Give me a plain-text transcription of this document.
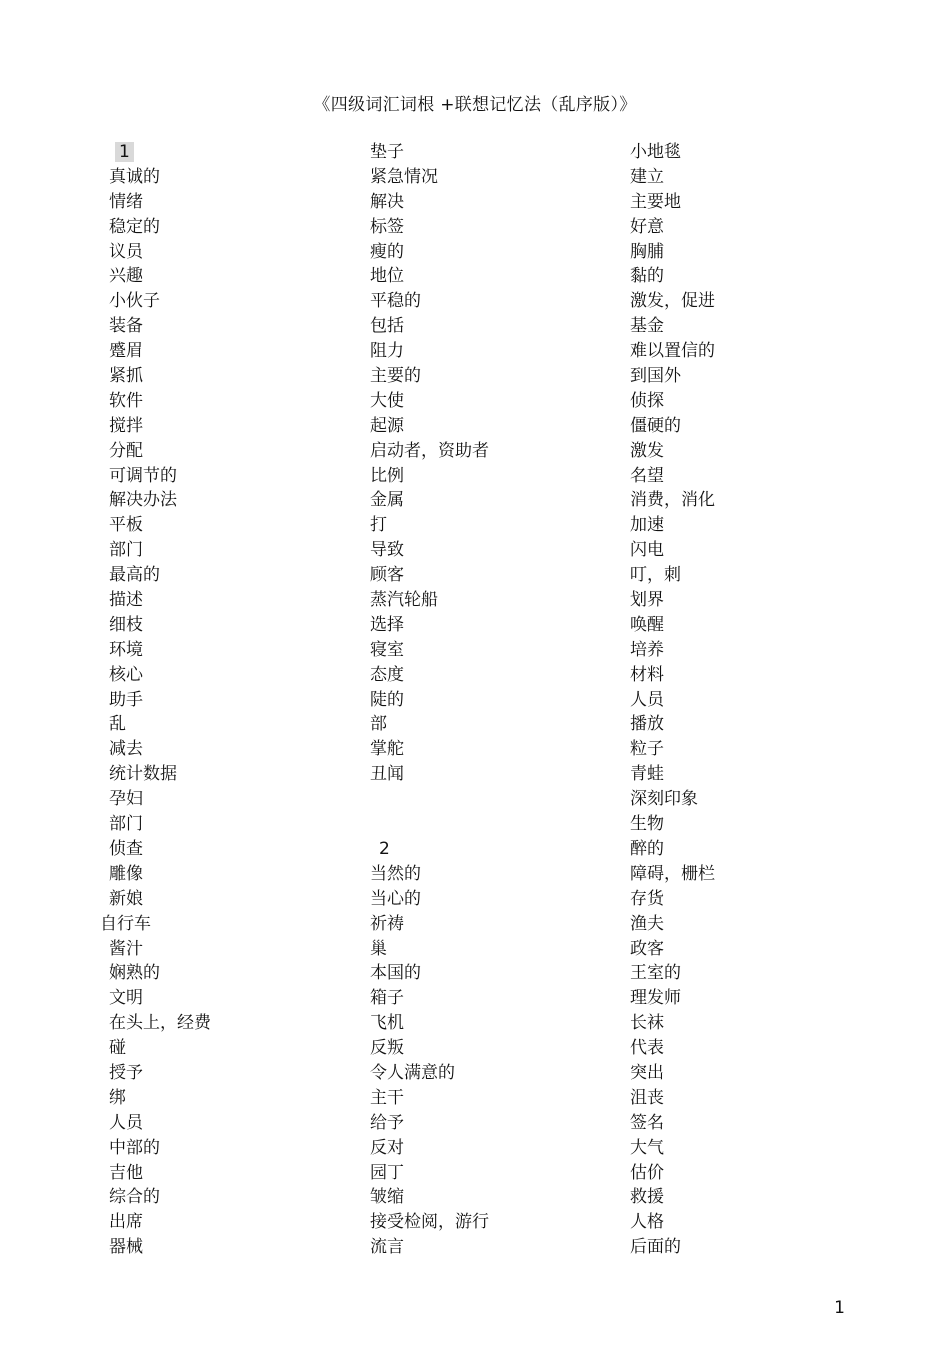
《四级词汇词根 +联想记忆法（乱序版）》
1
真诚的
情绪
稳定的
议员
兴趣
小伙子
装备
蹙眉
紧抓
软件
搅拌
分配
可调节的
解决办法
平板
部门
最高的
描述
细枝
环境
核心
助手
乱
减去
统计数据
孕妇
部门
侦查
雕像
新娘
自行车
酱汁
娴熟的
文明
在头上，经费
碰
授予
绑
人员
中部的
吉他
综合的
出席
器械
垫子
紧急情况
解决
标签
瘦的
地位
平稳的
包括
阻力
主要的
大使
起源
启动者，资助者
比例
金属
打
导致
顾客
蒸汽轮船
选择
寝室
态度
陡的
部
掌舵
丑闻
2
当然的
当心的
祈祷
巢
本国的
箱子
飞机
反叛
令人满意的
主干
给予
反对
园丁
皱缩
接受检阅，游行
流言
小地毯
建立
主要地
好意
胸脯
黏的
激发，促进
基金
难以置信的
到国外
侦探
僵硬的
激发
名望
消费，消化
加速
闪电
叮，刺
划界
唤醒
培养
材料
人员
播放
粒子
青蛙
深刻印象
生物
醉的
障碍，栅栏
存货
渔夫
政客
王室的
理发师
长袜
代表
突出
沮丧
签名
大气
估价
救援
人格
后面的
1
